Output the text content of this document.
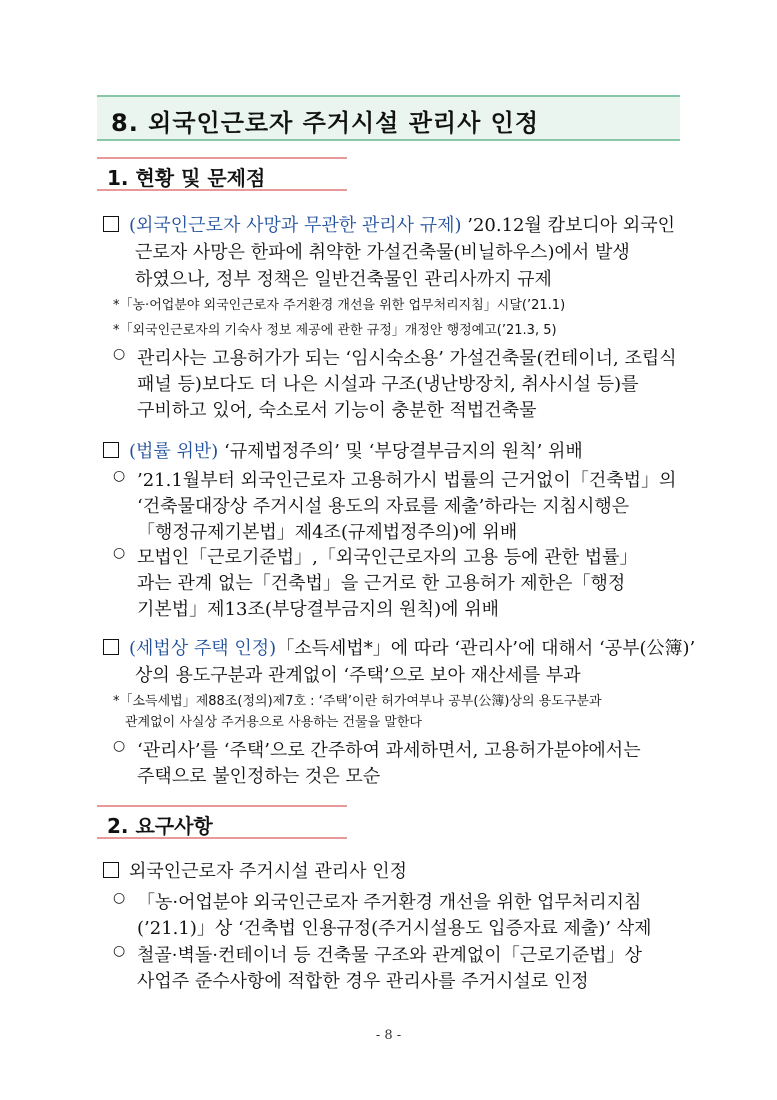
8. 외국인근로자 주거시설 관리사 인정
1. 현황 및 문제점
(외국인근로자 사망과 무관한 관리사 규제) ’20.12월 캄보디아 외국인
근로자 사망은 한파에 취약한 가설건축물(비닐하우스)에서 발생
하였으나, 정부 정책은 일반건축물인 관리사까지 규제
*「농·어업분야 외국인근로자 주거환경 개선을 위한 업무처리지침」시달(’21.1)
*「외국인근로자의 기숙사 정보 제공에 관한 규정」개정안 행정예고(’21.3, 5)
○ 관리사는 고용허가가 되는 ‘임시숙소용’ 가설건축물(컨테이너, 조립식
패널 등)보다도 더 나은 시설과 구조(냉난방장치, 취사시설 등)를
구비하고 있어, 숙소로서 기능이 충분한 적법건축물
(법률 위반) ‘규제법정주의’ 및 ‘부당결부금지의 원칙’ 위배
○ ’21.1월부터 외국인근로자 고용허가시 법률의 근거없이「건축법」의
‘건축물대장상 주거시설 용도의 자료를 제출’하라는 지침시행은
「행정규제기본법」제4조(규제법정주의)에 위배
○ 모법인「근로기준법」,「외국인근로자의 고용 등에 관한 법률」
과는 관계 없는「건축법」을 근거로 한 고용허가 제한은「행정
기본법」제13조(부당결부금지의 원칙)에 위배
(세법상 주택 인정)「소득세법*」에 따라 ‘관리사’에 대해서 ‘공부(公簿)’
상의 용도구분과 관계없이 ‘주택’으로 보아 재산세를 부과
*「소득세법」제88조(정의)제7호 : ‘주택’이란 허가여부나 공부(公簿)상의 용도구분과
관계없이 사실상 주거용으로 사용하는 건물을 말한다
○ ‘관리사’를 ‘주택’으로 간주하여 과세하면서, 고용허가분야에서는
주택으로 불인정하는 것은 모순
2. 요구사항
외국인근로자 주거시설 관리사 인정
○ 「농·어업분야 외국인근로자 주거환경 개선을 위한 업무처리지침
(’21.1)」상 ‘건축법 인용규정(주거시설용도 입증자료 제출)’ 삭제
○ 철골·벽돌·컨테이너 등 건축물 구조와 관계없이「근로기준법」상
사업주 준수사항에 적합한 경우 관리사를 주거시설로 인정
- 8 -
